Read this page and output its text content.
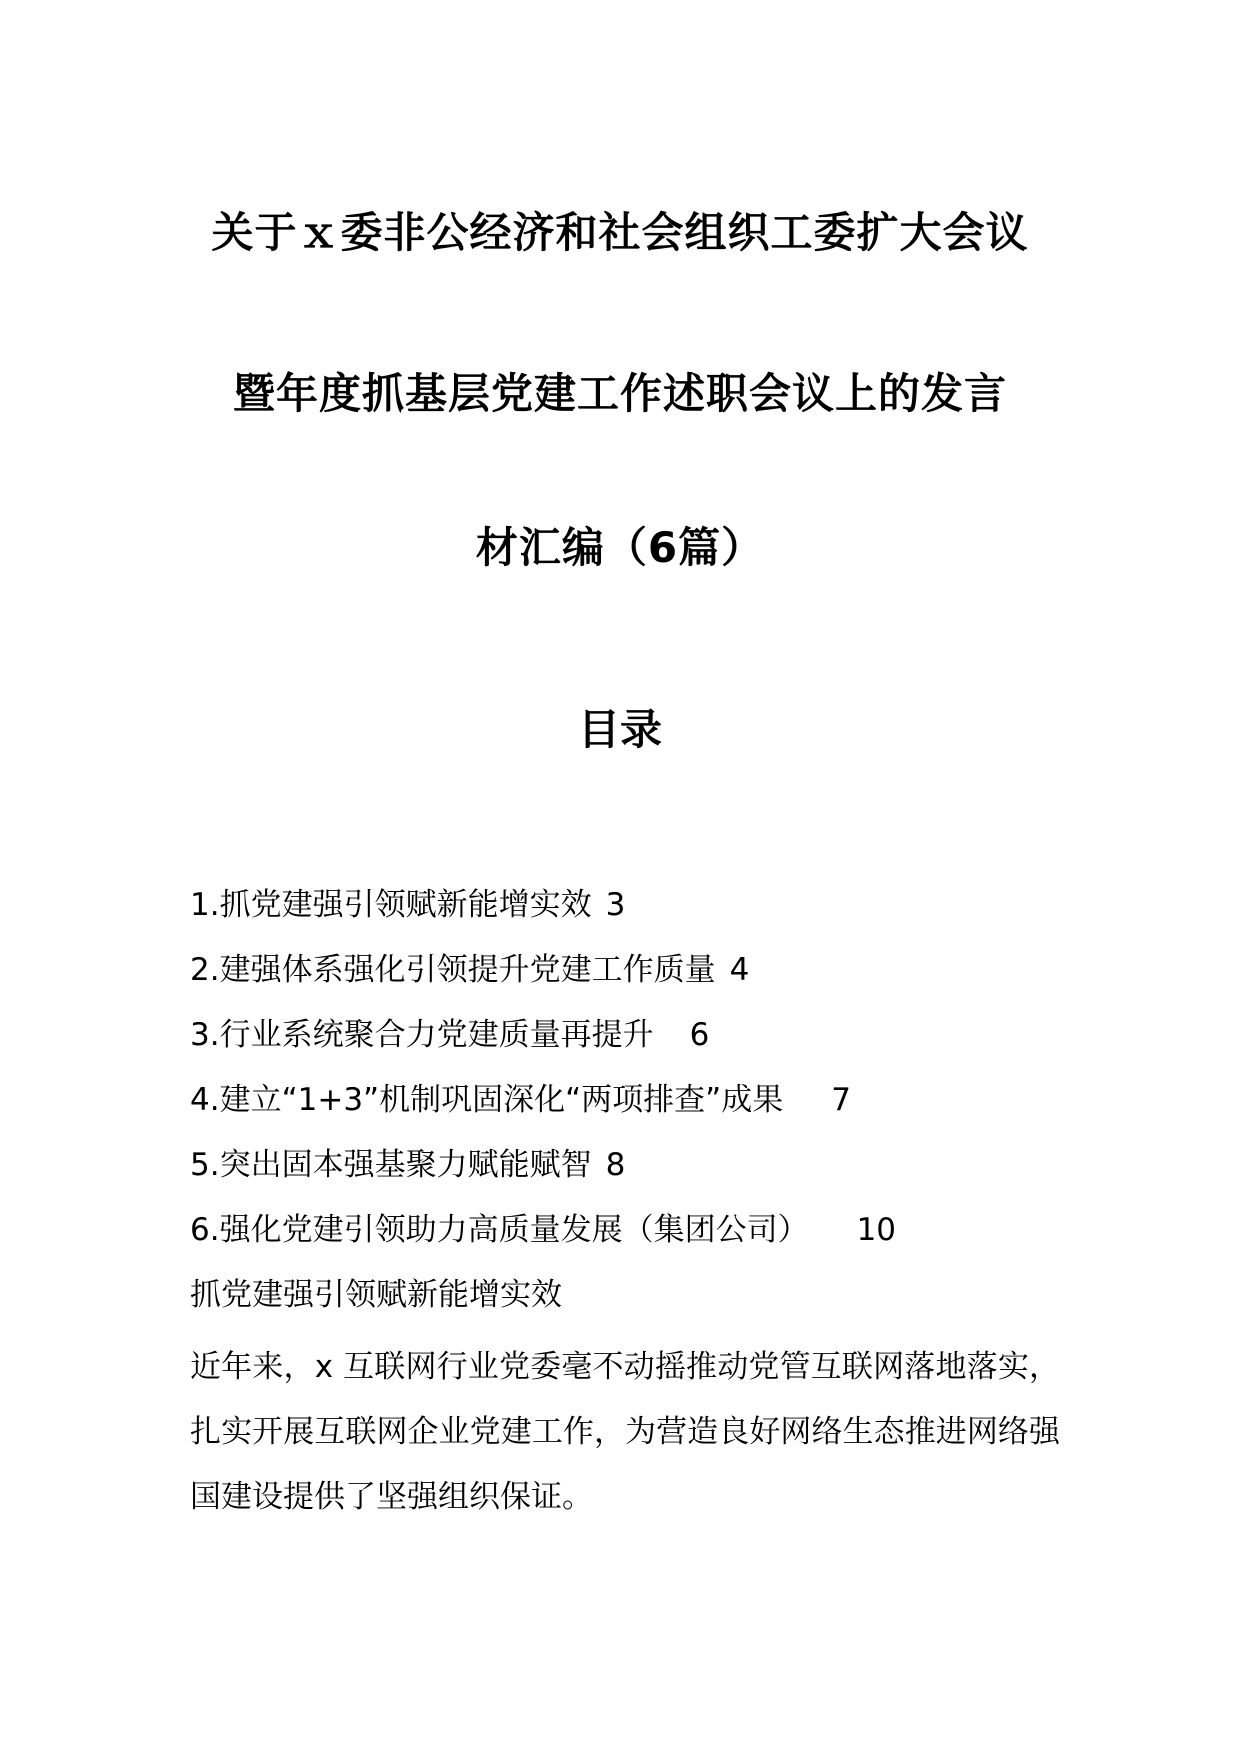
关于ｘ委非公经济和社会组织工委扩大会议
暨年度抓基层党建工作述职会议上的发言
材汇编（6篇）
目录
1.抓党建强引领赋新能增实效 3
2.建强体系强化引领提升党建工作质量 4
3.行业系统聚合力党建质量再提升 6
4.建立“1+3”机制巩固深化“两项排查”成果 7
5.突出固本强基聚力赋能赋智 8
6.强化党建引领助力高质量发展（集团公司） 10
抓党建强引领赋新能增实效

近年来，x 互联网行业党委毫不动摇推动党管互联网落地落实，扎实开展互联网企业党建工作，为营造良好网络生态推进网络强国建设提供了坚强组织保证。
